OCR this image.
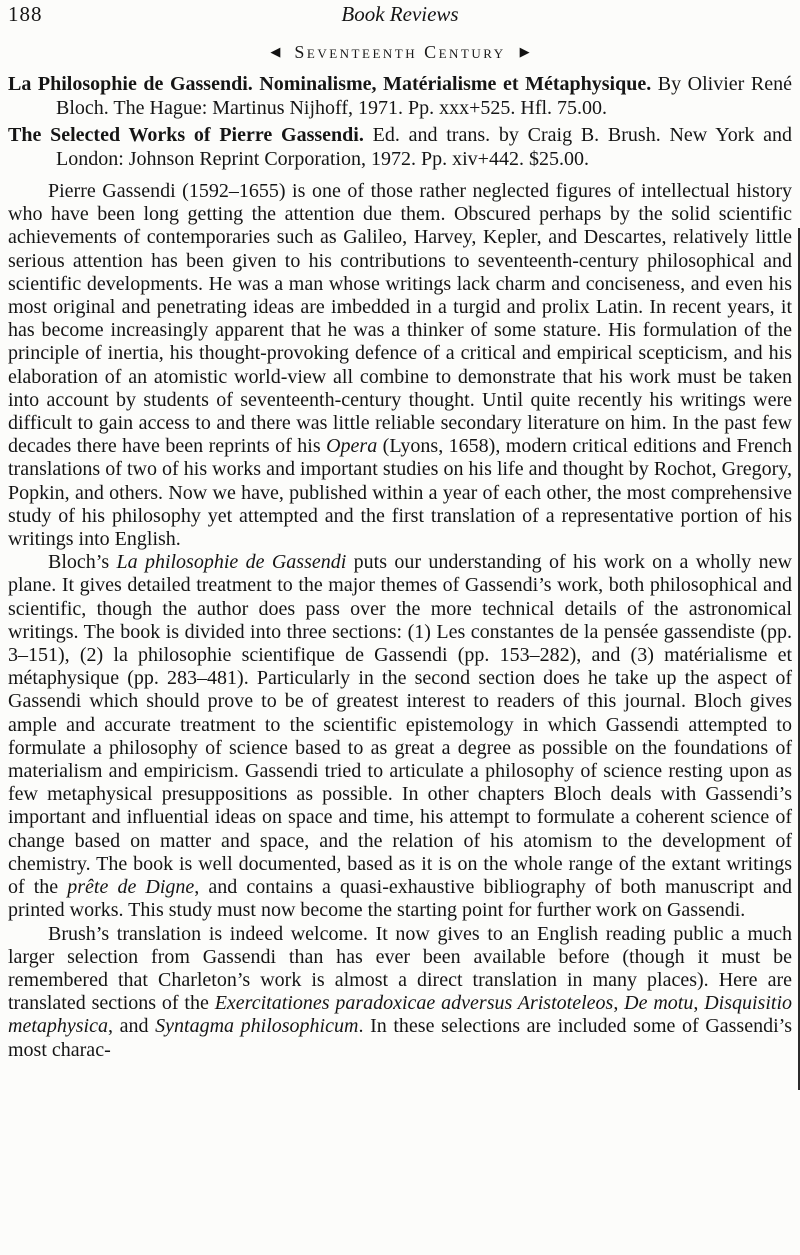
188	Book Reviews
◀ Seventeenth Century ▶

La Philosophie de Gassendi. Nominalisme, Matérialisme et Métaphysique. By Olivier René Bloch. The Hague: Martinus Nijhoff, 1971. Pp. xxx+525. Hfl. 75.00.

The Selected Works of Pierre Gassendi. Ed. and trans. by Craig B. Brush. New York and London: Johnson Reprint Corporation, 1972. Pp. xiv+442. $25.00.

Pierre Gassendi (1592–1655) is one of those rather neglected figures of intellectual history who have been long getting the attention due them. Obscured perhaps by the solid scientific achievements of contemporaries such as Galileo, Harvey, Kepler, and Descartes, relatively little serious attention has been given to his contributions to seventeenth-century philosophical and scientific developments. He was a man whose writings lack charm and conciseness, and even his most original and penetrating ideas are imbedded in a turgid and prolix Latin. In recent years, it has become increasingly apparent that he was a thinker of some stature. His formulation of the principle of inertia, his thought-provoking defence of a critical and empirical scepticism, and his elaboration of an atomistic world-view all combine to demonstrate that his work must be taken into account by students of seventeenth-century thought. Until quite recently his writings were difficult to gain access to and there was little reliable secondary literature on him. In the past few decades there have been reprints of his Opera (Lyons, 1658), modern critical editions and French translations of two of his works and important studies on his life and thought by Rochot, Gregory, Popkin, and others. Now we have, published within a year of each other, the most comprehensive study of his philosophy yet attempted and the first translation of a representative portion of his writings into English.

Bloch’s La philosophie de Gassendi puts our understanding of his work on a wholly new plane. It gives detailed treatment to the major themes of Gassendi’s work, both philosophical and scientific, though the author does pass over the more technical details of the astronomical writings. The book is divided into three sections: (1) Les constantes de la pensée gassendiste (pp. 3–151), (2) la philosophie scientifique de Gassendi (pp. 153–282), and (3) matérialisme et métaphysique (pp. 283–481). Particularly in the second section does he take up the aspect of Gassendi which should prove to be of greatest interest to readers of this journal. Bloch gives ample and accurate treatment to the scientific epistemology in which Gassendi attempted to formulate a philosophy of science based to as great a degree as possible on the foundations of materialism and empiricism. Gassendi tried to articulate a philosophy of science resting upon as few metaphysical presuppositions as possible. In other chapters Bloch deals with Gassendi’s important and influential ideas on space and time, his attempt to formulate a coherent science of change based on matter and space, and the relation of his atomism to the development of chemistry. The book is well documented, based as it is on the whole range of the extant writings of the prête de Digne, and contains a quasi-exhaustive bibliography of both manuscript and printed works. This study must now become the starting point for further work on Gassendi.

Brush’s translation is indeed welcome. It now gives to an English reading public a much larger selection from Gassendi than has ever been available before (though it must be remembered that Charleton’s work is almost a direct translation in many places). Here are translated sections of the Exercitationes paradoxicae adversus Aristoteleos, De motu, Disquisitio metaphysica, and Syntagma philosophicum. In these selections are included some of Gassendi’s most charac-
